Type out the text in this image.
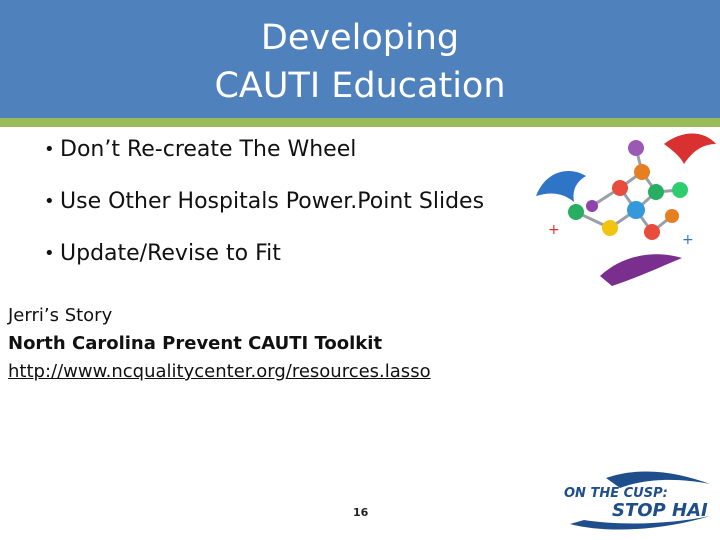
Developing
CAUTI Education
• Don’t Re-create The Wheel
• Use Other Hospitals Power.Point Slides
• Update/Revise to Fit
Jerri’s Story
North Carolina Prevent CAUTI Toolkit
http://www.ncqualitycenter.org/resources.lasso
+
+
ON THE CUSP:
STOP HAI
16
